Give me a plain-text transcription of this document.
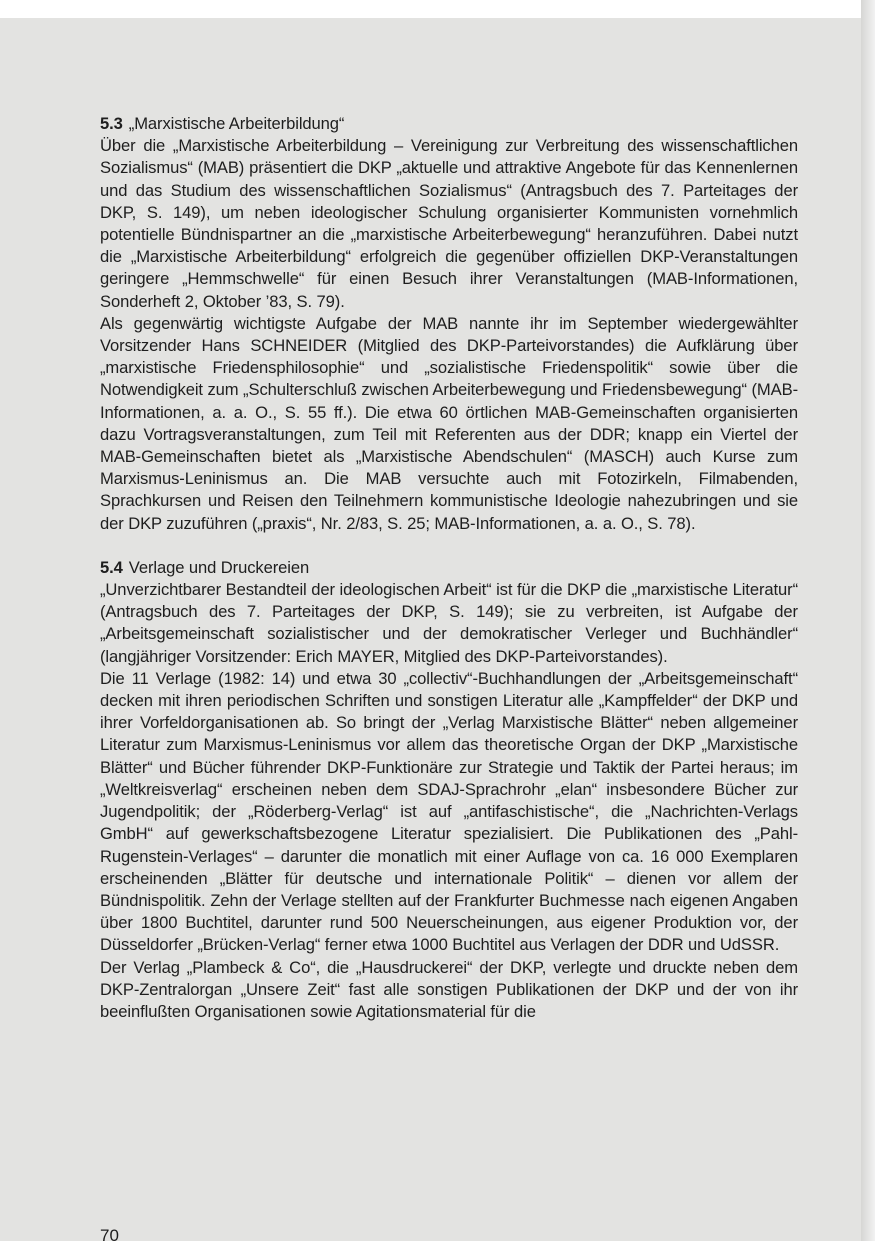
5.3 „Marxistische Arbeiterbildung“

Über die „Marxistische Arbeiterbildung – Vereinigung zur Verbreitung des wissenschaftlichen Sozialismus“ (MAB) präsentiert die DKP „aktuelle und attraktive Angebote für das Kennenlernen und das Studium des wissenschaftlichen Sozialismus“ (Antragsbuch des 7. Parteitages der DKP, S. 149), um neben ideologischer Schulung organisierter Kommunisten vornehmlich potentielle Bündnispartner an die „marxistische Arbeiterbewegung“ heranzuführen. Dabei nutzt die „Marxistische Arbeiterbildung“ erfolgreich die gegenüber offiziellen DKP-Veranstaltungen geringere „Hemmschwelle“ für einen Besuch ihrer Veranstaltungen (MAB-Informationen, Sonderheft 2, Oktober ’83, S. 79).

Als gegenwärtig wichtigste Aufgabe der MAB nannte ihr im September wiedergewählter Vorsitzender Hans SCHNEIDER (Mitglied des DKP-Parteivorstandes) die Aufklärung über „marxistische Friedensphilosophie“ und „sozialistische Friedenspolitik“ sowie über die Notwendigkeit zum „Schulterschluß zwischen Arbeiterbewegung und Friedensbewegung“ (MAB-Informationen, a. a. O., S. 55 ff.). Die etwa 60 örtlichen MAB-Gemeinschaften organisierten dazu Vortragsveranstaltungen, zum Teil mit Referenten aus der DDR; knapp ein Viertel der MAB-Gemeinschaften bietet als „Marxistische Abendschulen“ (MASCH) auch Kurse zum Marxismus-Leninismus an. Die MAB versuchte auch mit Fotozirkeln, Filmabenden, Sprachkursen und Reisen den Teilnehmern kommunistische Ideologie nahezubringen und sie der DKP zuzuführen („praxis“, Nr. 2/83, S. 25; MAB-Informationen, a. a. O., S. 78).

5.4 Verlage und Druckereien

„Unverzichtbarer Bestandteil der ideologischen Arbeit“ ist für die DKP die „marxistische Literatur“ (Antragsbuch des 7. Parteitages der DKP, S. 149); sie zu verbreiten, ist Aufgabe der „Arbeitsgemeinschaft sozialistischer und der demokratischer Verleger und Buchhändler“ (langjähriger Vorsitzender: Erich MAYER, Mitglied des DKP-Parteivorstandes).

Die 11 Verlage (1982: 14) und etwa 30 „collectiv“-Buchhandlungen der „Arbeitsgemeinschaft“ decken mit ihren periodischen Schriften und sonstigen Literatur alle „Kampffelder“ der DKP und ihrer Vorfeldorganisationen ab. So bringt der „Verlag Marxistische Blätter“ neben allgemeiner Literatur zum Marxismus-Leninismus vor allem das theoretische Organ der DKP „Marxistische Blätter“ und Bücher führender DKP-Funktionäre zur Strategie und Taktik der Partei heraus; im „Weltkreisverlag“ erscheinen neben dem SDAJ-Sprachrohr „elan“ insbesondere Bücher zur Jugendpolitik; der „Röderberg-Verlag“ ist auf „antifaschistische“, die „Nachrichten-Verlags GmbH“ auf gewerkschaftsbezogene Literatur spezialisiert. Die Publikationen des „Pahl-Rugenstein-Verlages“ – darunter die monatlich mit einer Auflage von ca. 16 000 Exemplaren erscheinenden „Blätter für deutsche und internationale Politik“ – dienen vor allem der Bündnispolitik. Zehn der Verlage stellten auf der Frankfurter Buchmesse nach eigenen Angaben über 1800 Buchtitel, darunter rund 500 Neuerscheinungen, aus eigener Produktion vor, der Düsseldorfer „Brücken-Verlag“ ferner etwa 1000 Buchtitel aus Verlagen der DDR und UdSSR.

Der Verlag „Plambeck & Co“, die „Hausdruckerei“ der DKP, verlegte und druckte neben dem DKP-Zentralorgan „Unsere Zeit“ fast alle sonstigen Publikationen der DKP und der von ihr beeinflußten Organisationen sowie Agitationsmaterial für die

70
